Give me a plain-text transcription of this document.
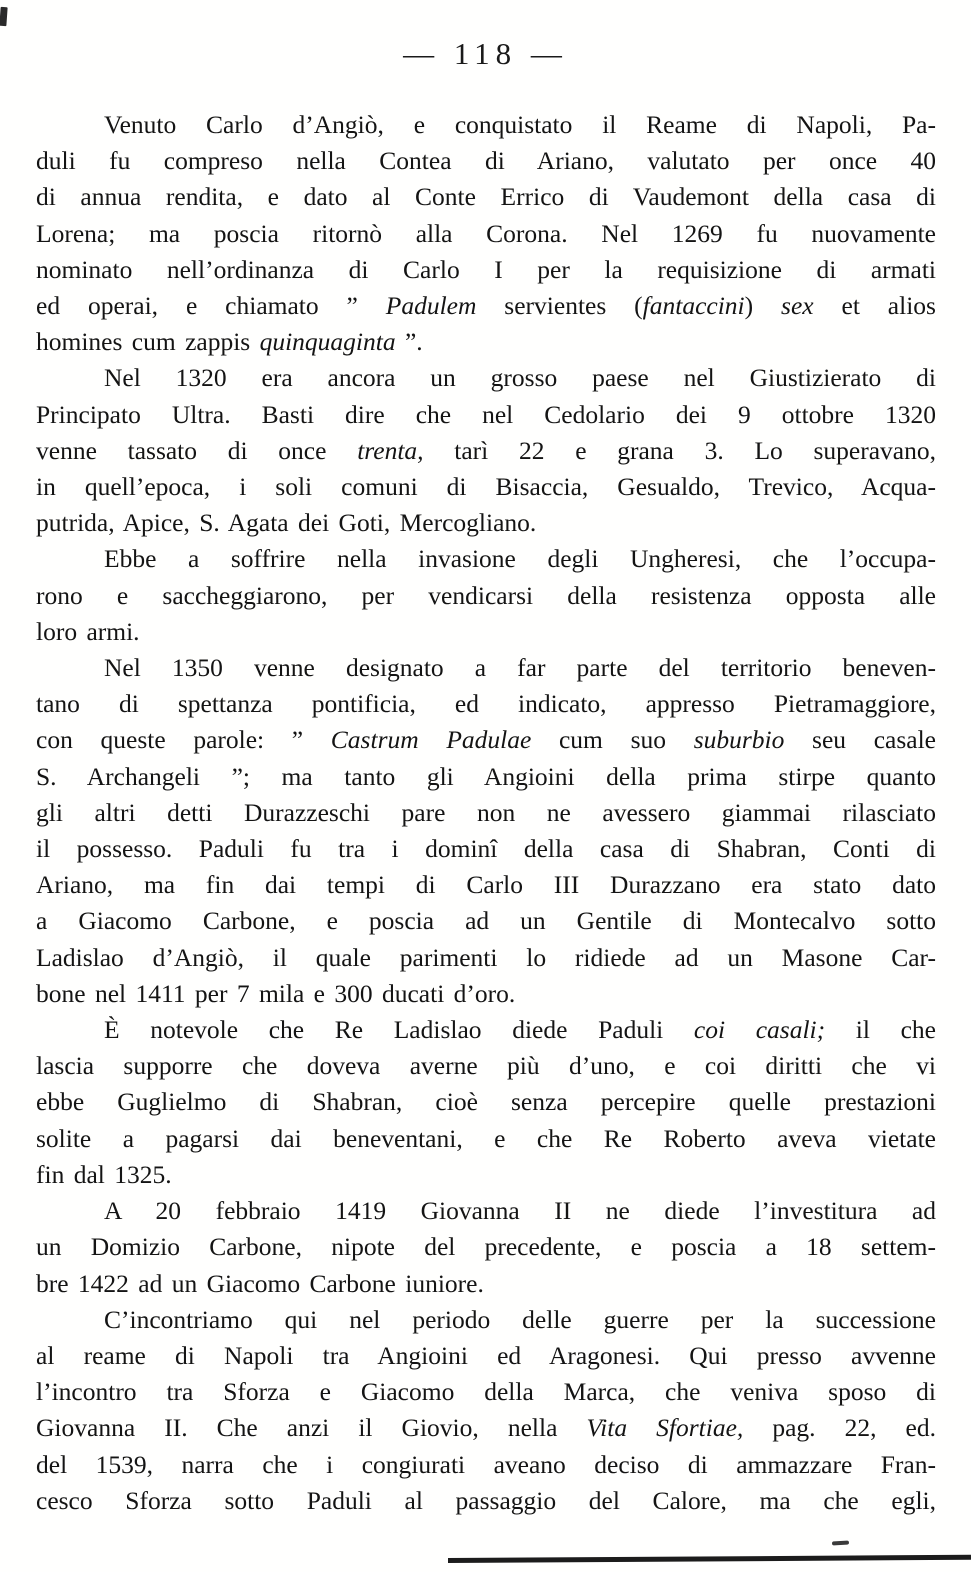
— 118 —
Venuto Carlo d’Angiò, e conquistato il Reame di Napoli, Pa-
duli fu compreso nella Contea di Ariano, valutato per once 40
di annua rendita, e dato al Conte Errico di Vaudemont della casa di
Lorena; ma poscia ritornò alla Corona. Nel 1269 fu nuovamente
nominato nell’ordinanza di Carlo I per la requisizione di armati
ed operai, e chiamato ” Padulem servientes (fantaccini) sex et alios
homines cum zappis quinquaginta ”.
Nel 1320 era ancora un grosso paese nel Giustizierato di
Principato Ultra. Basti dire che nel Cedolario dei 9 ottobre 1320
venne tassato di once trenta, tarì 22 e grana 3. Lo superavano,
in quell’epoca, i soli comuni di Bisaccia, Gesualdo, Trevico, Acqua-
putrida, Apice, S. Agata dei Goti, Mercogliano.
Ebbe a soffrire nella invasione degli Ungheresi, che l’occupa-
rono e saccheggiarono, per vendicarsi della resistenza opposta alle
loro armi.
Nel 1350 venne designato a far parte del territorio beneven-
tano di spettanza pontificia, ed indicato, appresso Pietramaggiore,
con queste parole: ” Castrum Padulae cum suo suburbio seu casale
S. Archangeli ”; ma tanto gli Angioini della prima stirpe quanto
gli altri detti Durazzeschi pare non ne avessero giammai rilasciato
il possesso. Paduli fu tra i dominî della casa di Shabran, Conti di
Ariano, ma fin dai tempi di Carlo III Durazzano era stato dato
a Giacomo Carbone, e poscia ad un Gentile di Montecalvo sotto
Ladislao d’Angiò, il quale parimenti lo ridiede ad un Masone Car-
bone nel 1411 per 7 mila e 300 ducati d’oro.
È notevole che Re Ladislao diede Paduli coi casali; il che
lascia supporre che doveva averne più d’uno, e coi diritti che vi
ebbe Guglielmo di Shabran, cioè senza percepire quelle prestazioni
solite a pagarsi dai beneventani, e che Re Roberto aveva vietate
fin dal 1325.
A 20 febbraio 1419 Giovanna II ne diede l’investitura ad
un Domizio Carbone, nipote del precedente, e poscia a 18 settem-
bre 1422 ad un Giacomo Carbone iuniore.
C’incontriamo qui nel periodo delle guerre per la successione
al reame di Napoli tra Angioini ed Aragonesi. Qui presso avvenne
l’incontro tra Sforza e Giacomo della Marca, che veniva sposo di
Giovanna II. Che anzi il Giovio, nella Vita Sfortiae, pag. 22, ed.
del 1539, narra che i congiurati aveano deciso di ammazzare Fran-
cesco Sforza sotto Paduli al passaggio del Calore, ma che egli,
